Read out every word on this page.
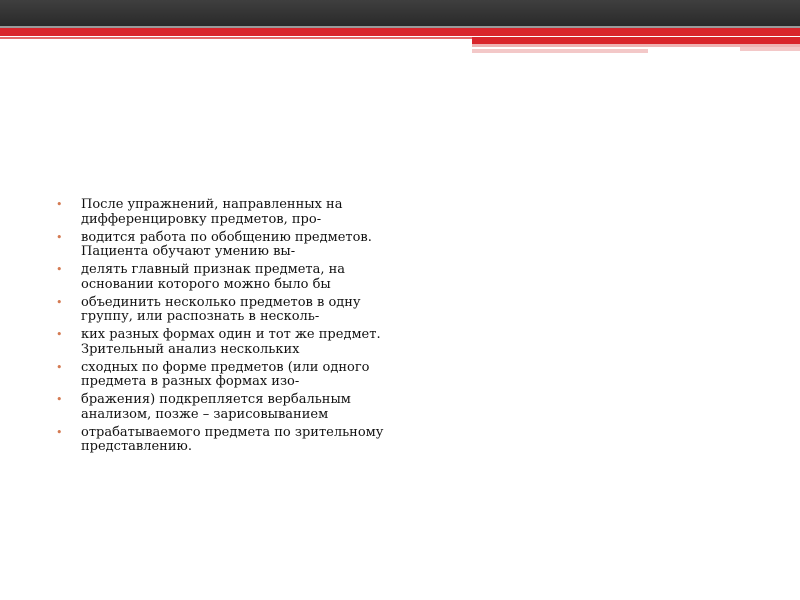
• После упражнений, направленных на дифференцировку предметов, про-
• водится работа по обобщению предметов. Пациента обучают умению вы-
• делять главный признак предмета, на основании которого можно было бы
• объединить несколько предметов в одну группу, или распознать в несколь-
• ких разных формах один и тот же предмет. Зрительный анализ нескольких
• сходных по форме предметов (или одного предмета в разных формах изо-
• бражения) подкрепляется вербальным анализом, позже – зарисовыванием
• отрабатываемого предмета по зрительному представлению.
